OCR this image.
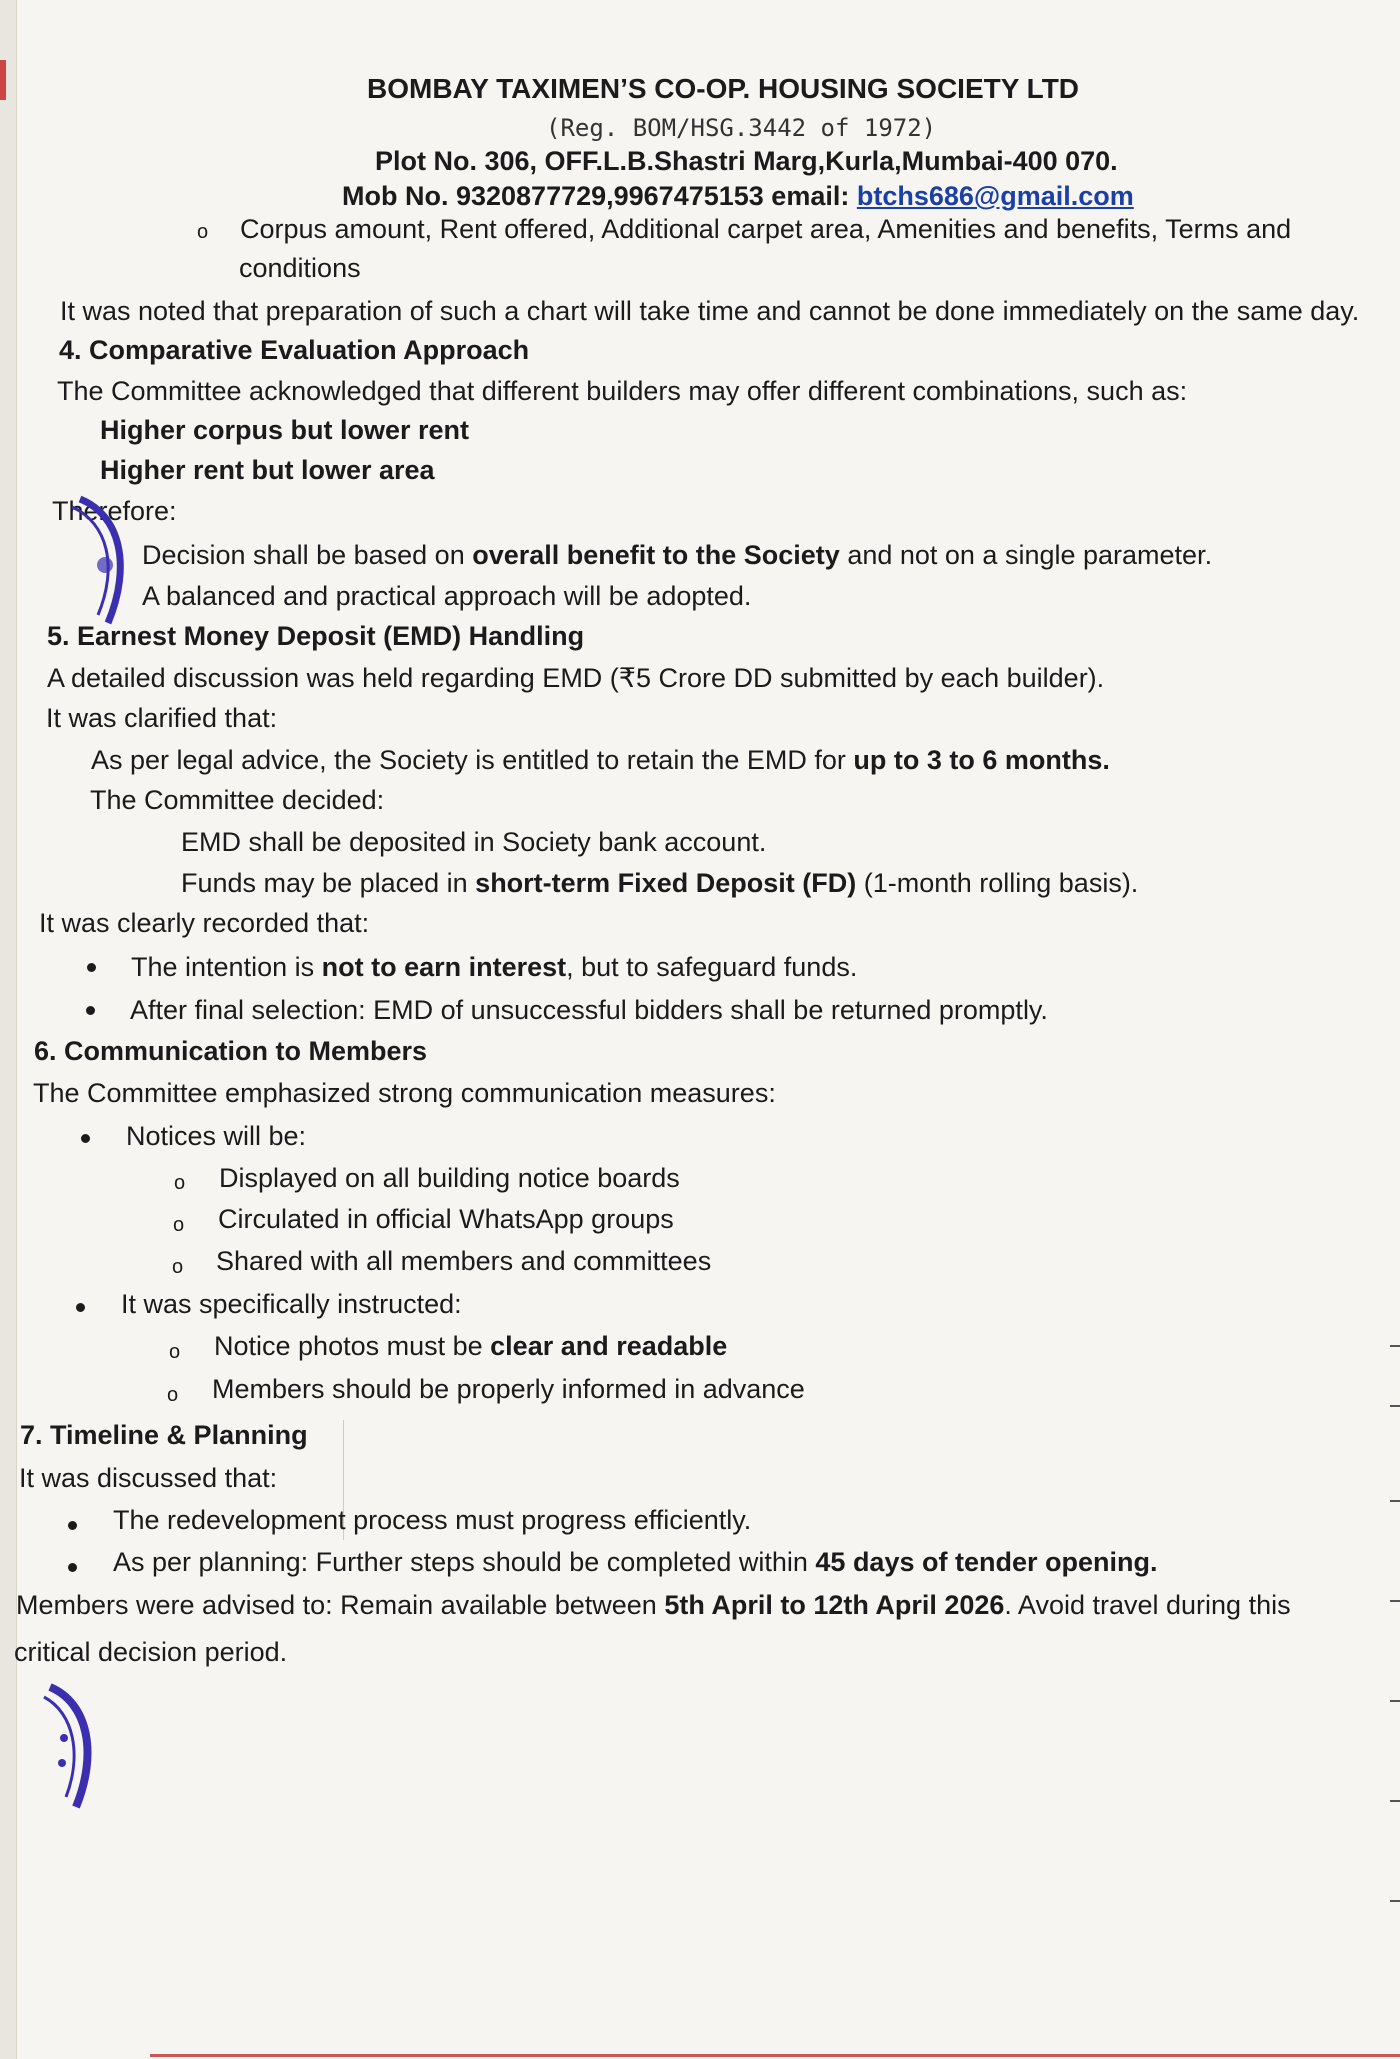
BOMBAY TAXIMEN’S CO-OP. HOUSING SOCIETY LTD
(Reg. BOM/HSG.3442 of 1972)
Plot No. 306, OFF.L.B.Shastri Marg,Kurla,Mumbai-400 070.
Mob No. 9320877729,9967475153 email: btchs686@gmail.com
o Corpus amount, Rent offered, Additional carpet area, Amenities and benefits, Terms and
conditions
It was noted that preparation of such a chart will take time and cannot be done immediately on the same day.
4. Comparative Evaluation Approach
The Committee acknowledged that different builders may offer different combinations, such as:
Higher corpus but lower rent
Higher rent but lower area
Therefore:
Decision shall be based on overall benefit to the Society and not on a single parameter.
A balanced and practical approach will be adopted.
5. Earnest Money Deposit (EMD) Handling
A detailed discussion was held regarding EMD (₹5 Crore DD submitted by each builder).
It was clarified that:
As per legal advice, the Society is entitled to retain the EMD for up to 3 to 6 months.
The Committee decided:
EMD shall be deposited in Society bank account.
Funds may be placed in short-term Fixed Deposit (FD) (1-month rolling basis).
It was clearly recorded that:
The intention is not to earn interest, but to safeguard funds.
After final selection: EMD of unsuccessful bidders shall be returned promptly.
6. Communication to Members
The Committee emphasized strong communication measures:
Notices will be:
o Displayed on all building notice boards
o Circulated in official WhatsApp groups
o Shared with all members and committees
It was specifically instructed:
o Notice photos must be clear and readable
o Members should be properly informed in advance
7. Timeline & Planning
It was discussed that:
The redevelopment process must progress efficiently.
As per planning: Further steps should be completed within 45 days of tender opening.
Members were advised to: Remain available between 5th April to 12th April 2026. Avoid travel during this
critical decision period.
